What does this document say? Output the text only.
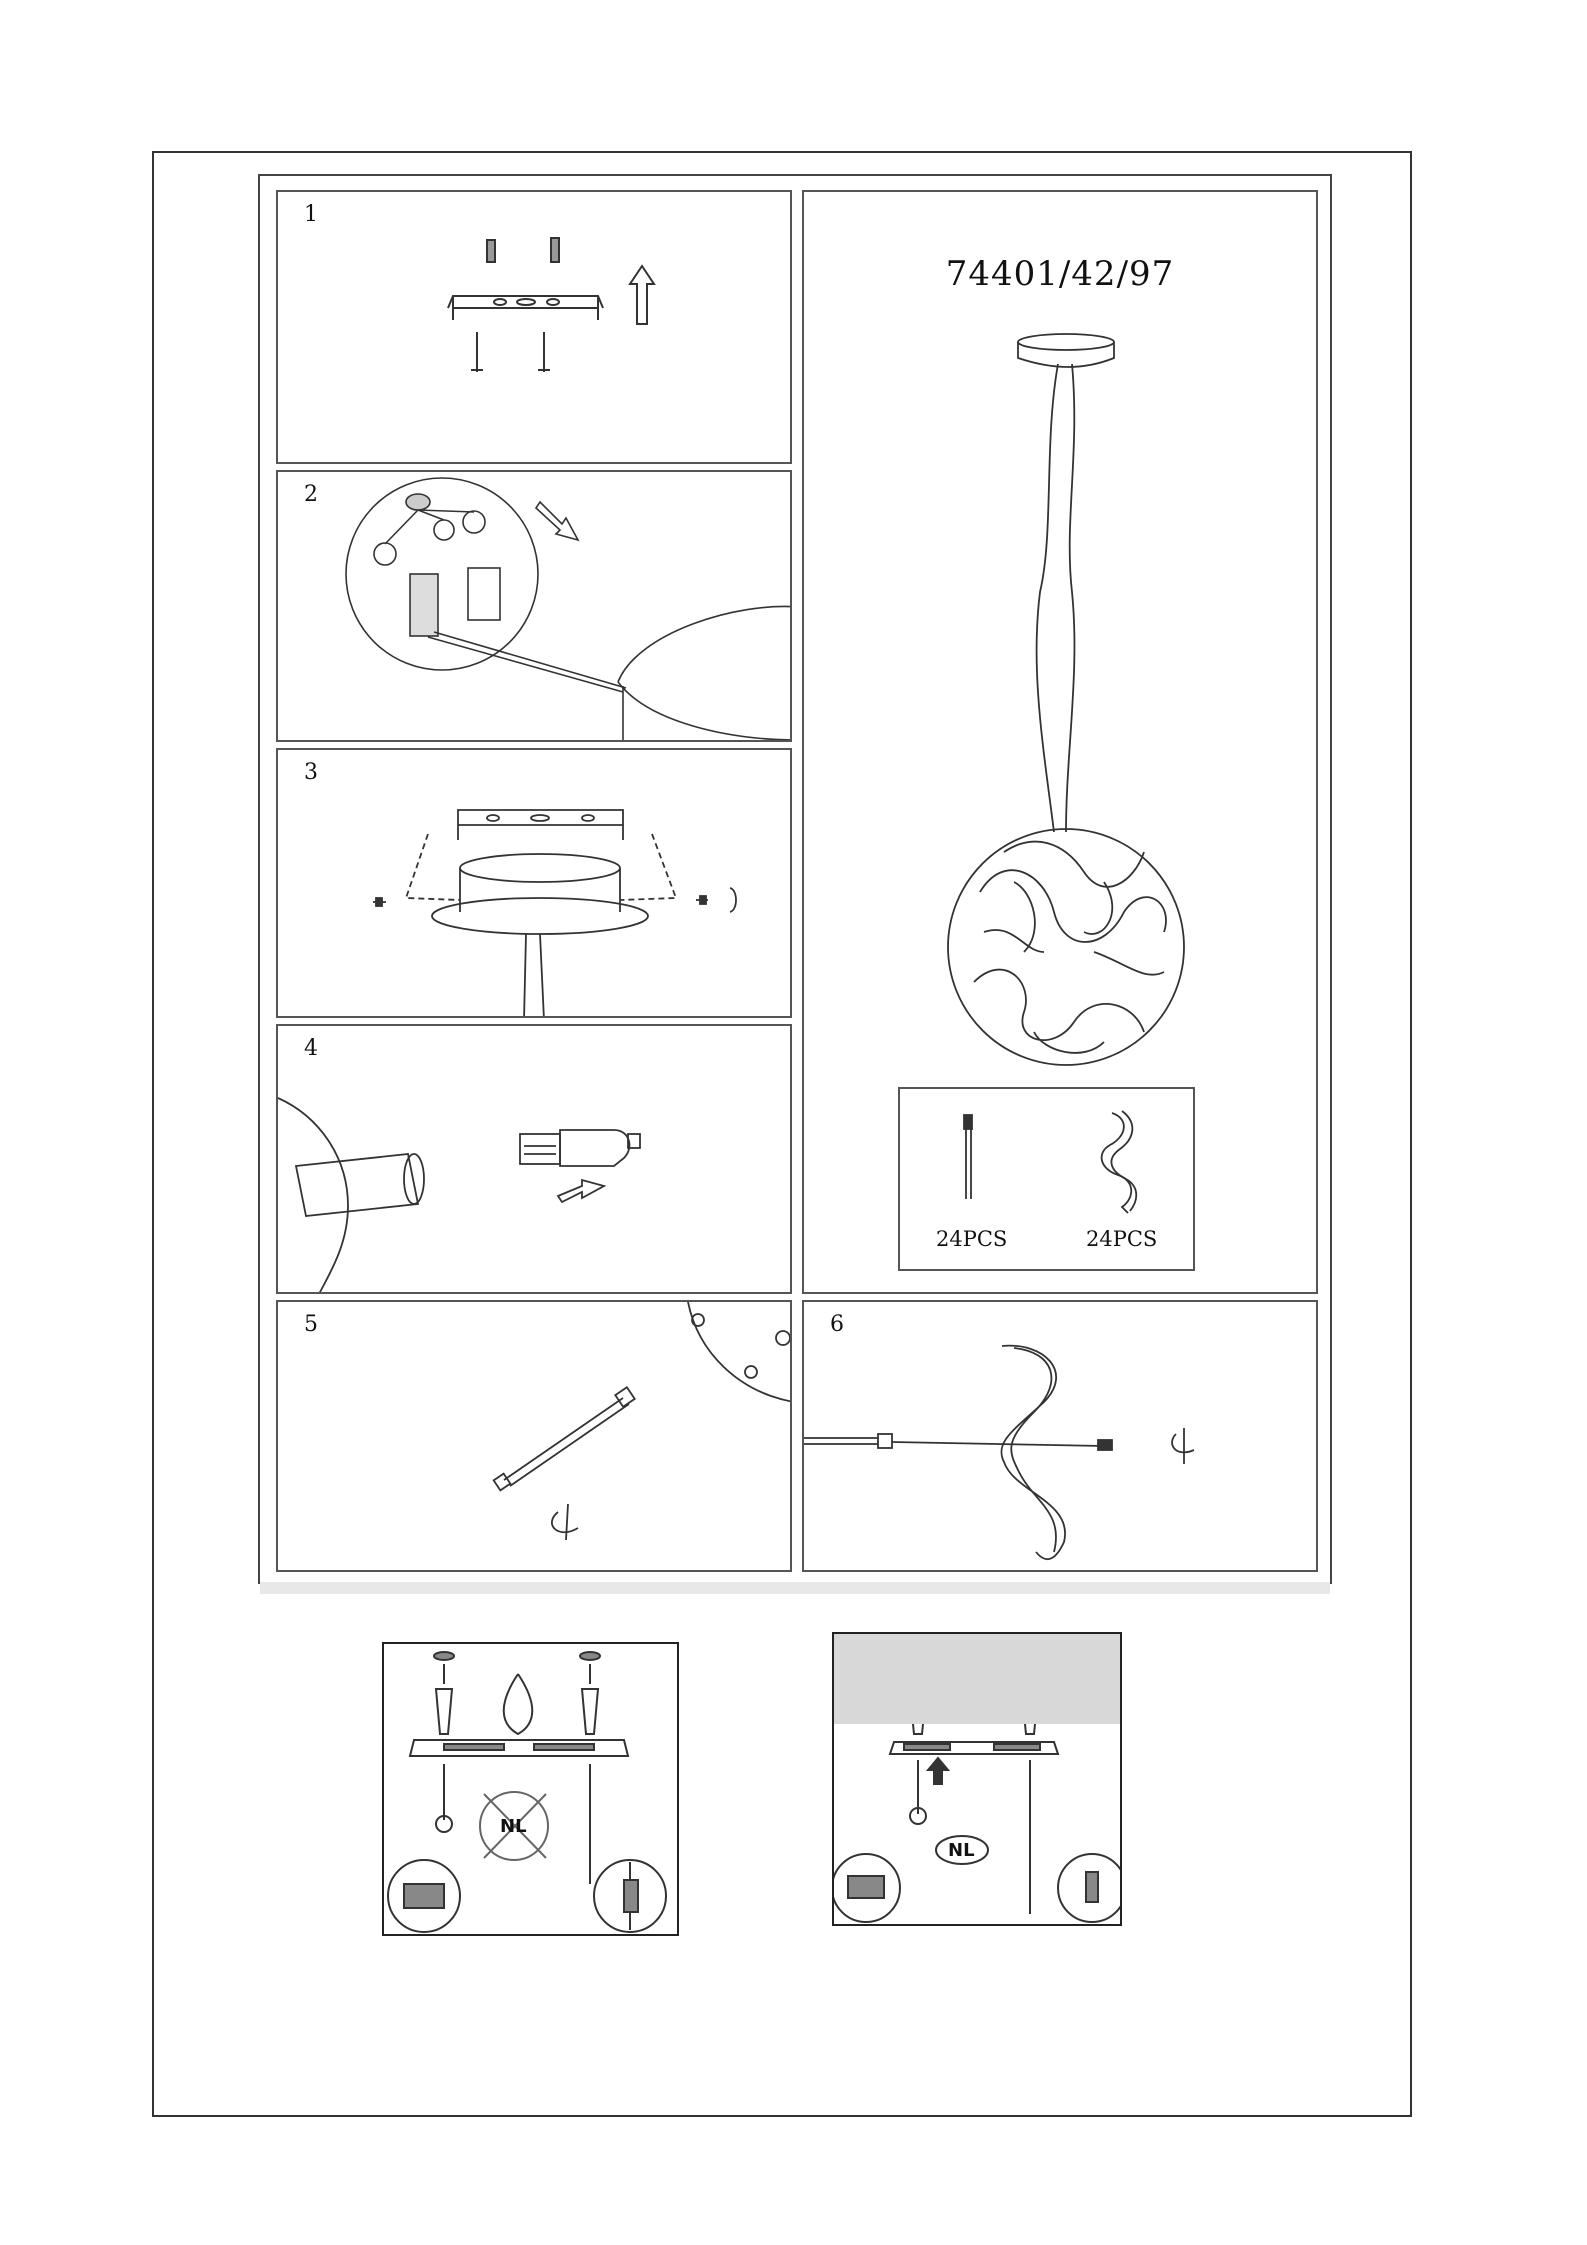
1
2
3
4
5	6
74401/42/97
24PCS	24PCS
NL
NL
